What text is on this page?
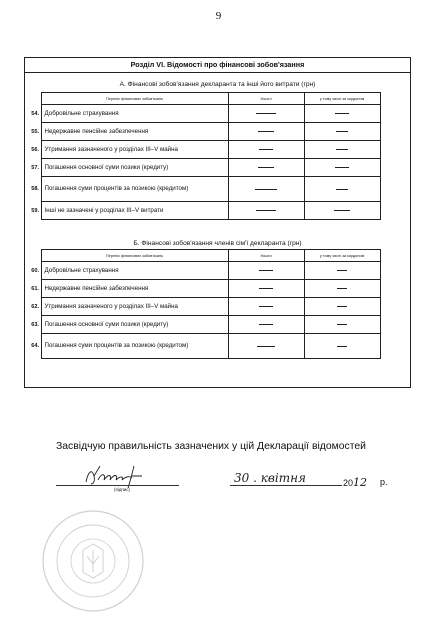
9
Розділ VI. Відомості про фінансові зобов'язання
А. Фінансові зобов'язання декларанта та інші його витрати (грн)
	Перелік фінансових зобов'язань	Усього	у тому числі за кордоном

54.	Добровільне страхування	

55.	Недержавне пенсійне забезпечення	

56.	Утримання зазначеного у розділах III–V майна	

57.	Погашення основної суми позики (кредиту)	

58.	Погашення суми процентів за позикою (кредитом)	

59.	Інші не зазначені у розділах III–V витрати	

Б. Фінансові зобов'язання членів сім'ї декларанта (грн)
	Перелік фінансових зобов'язань	Усього	у тому числі за кордоном

60.	Добровільне страхування	

61.	Недержавне пенсійне забезпечення	

62.	Утримання зазначеного у розділах III–V майна	

63.	Погашення основної суми позики (кредиту)	

64.	Погашення суми процентів за позикою (кредитом)	

Засвідчую правильність зазначених у цій Декларації відомостей
(підпис)
30 . квітня	2012 р.
